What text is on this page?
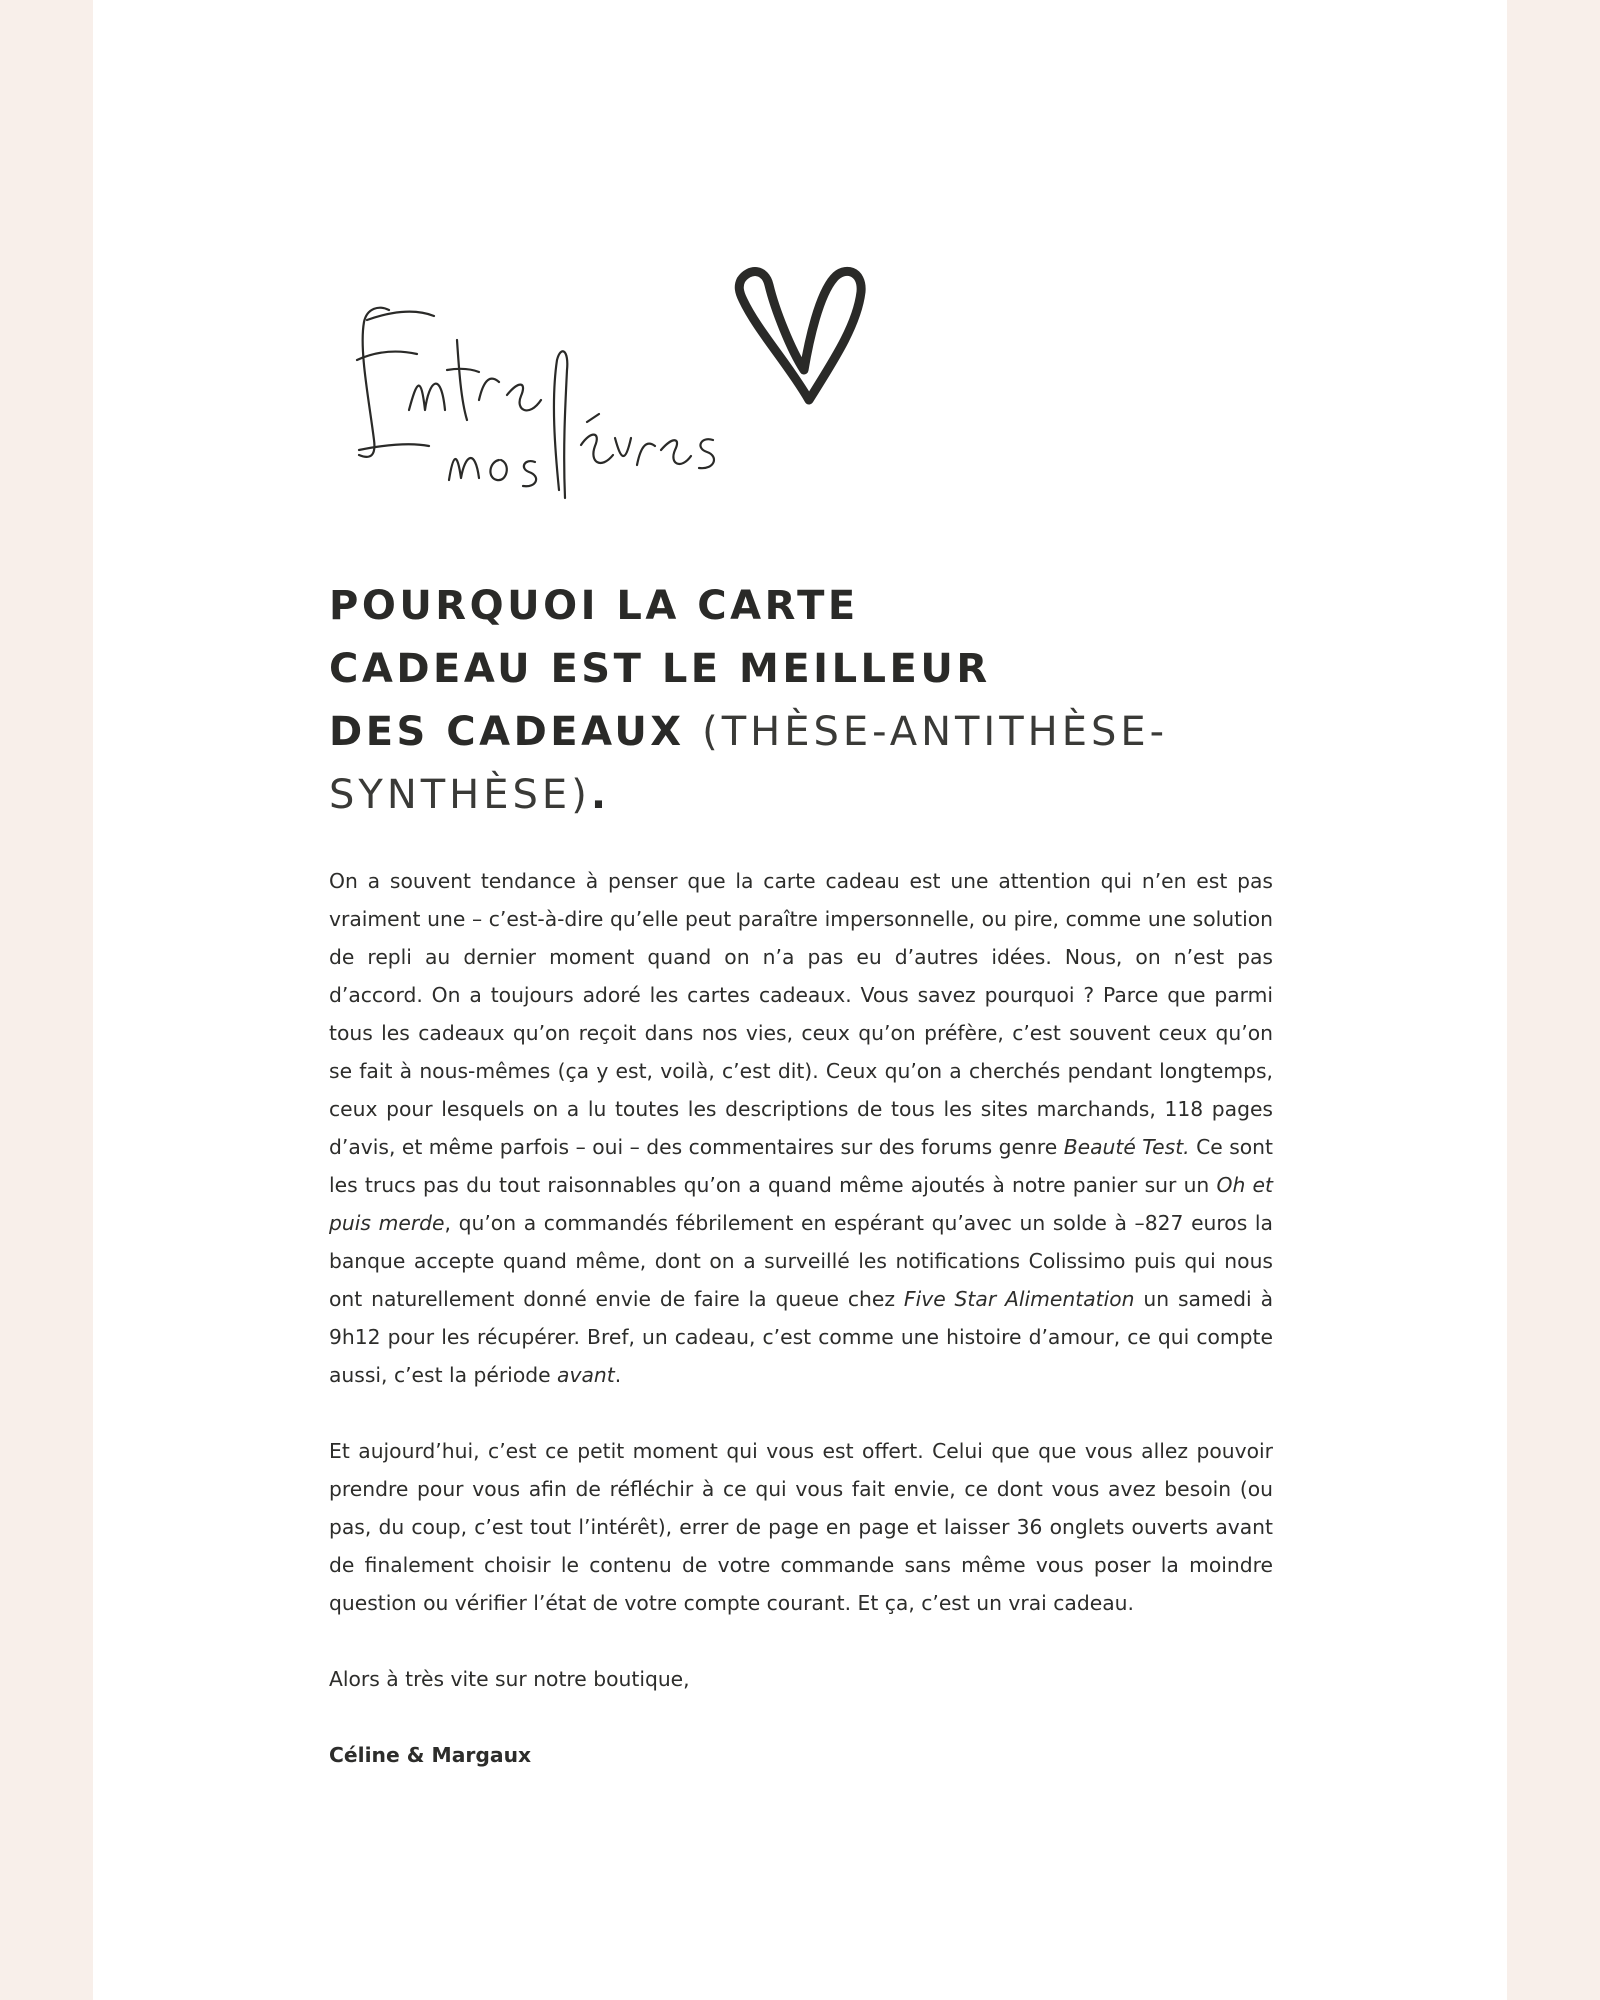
POURQUOI LA CARTE
CADEAU EST LE MEILLEUR
DES CADEAUX (THÈSE-ANTITHÈSE-
SYNTHÈSE).

On a souvent tendance à penser que la carte cadeau est une attention qui n’en est pas vraiment une – c’est-à-dire qu’elle peut paraître impersonnelle, ou pire, comme une solution de repli au dernier moment quand on n’a pas eu d’autres idées. Nous, on n’est pas d’accord. On a toujours adoré les cartes cadeaux. Vous savez pourquoi ? Parce que parmi tous les cadeaux qu’on reçoit dans nos vies, ceux qu’on préfère, c’est souvent ceux qu’on se fait à nous-mêmes (ça y est, voilà, c’est dit). Ceux qu’on a cherchés pendant longtemps, ceux pour lesquels on a lu toutes les descriptions de tous les sites marchands, 118 pages d’avis, et même parfois – oui – des commentaires sur des forums genre Beauté Test. Ce sont les trucs pas du tout raisonnables qu’on a quand même ajoutés à notre panier sur un Oh et puis merde, qu’on a commandés fébrilement en espérant qu’avec un solde à –827 euros la banque accepte quand même, dont on a surveillé les notifications Colissimo puis qui nous ont naturellement donné envie de faire la queue chez Five Star Alimentation un samedi à 9h12 pour les récupérer. Bref, un cadeau, c’est comme une histoire d’amour, ce qui compte aussi, c’est la période avant.

Et aujourd’hui, c’est ce petit moment qui vous est offert. Celui que que vous allez pouvoir prendre pour vous afin de réfléchir à ce qui vous fait envie, ce dont vous avez besoin (ou pas, du coup, c’est tout l’intérêt), errer de page en page et laisser 36 onglets ouverts avant de finalement choisir le contenu de votre commande sans même vous poser la moindre question ou vérifier l’état de votre compte courant. Et ça, c’est un vrai cadeau.

Alors à très vite sur notre boutique,

Céline & Margaux
